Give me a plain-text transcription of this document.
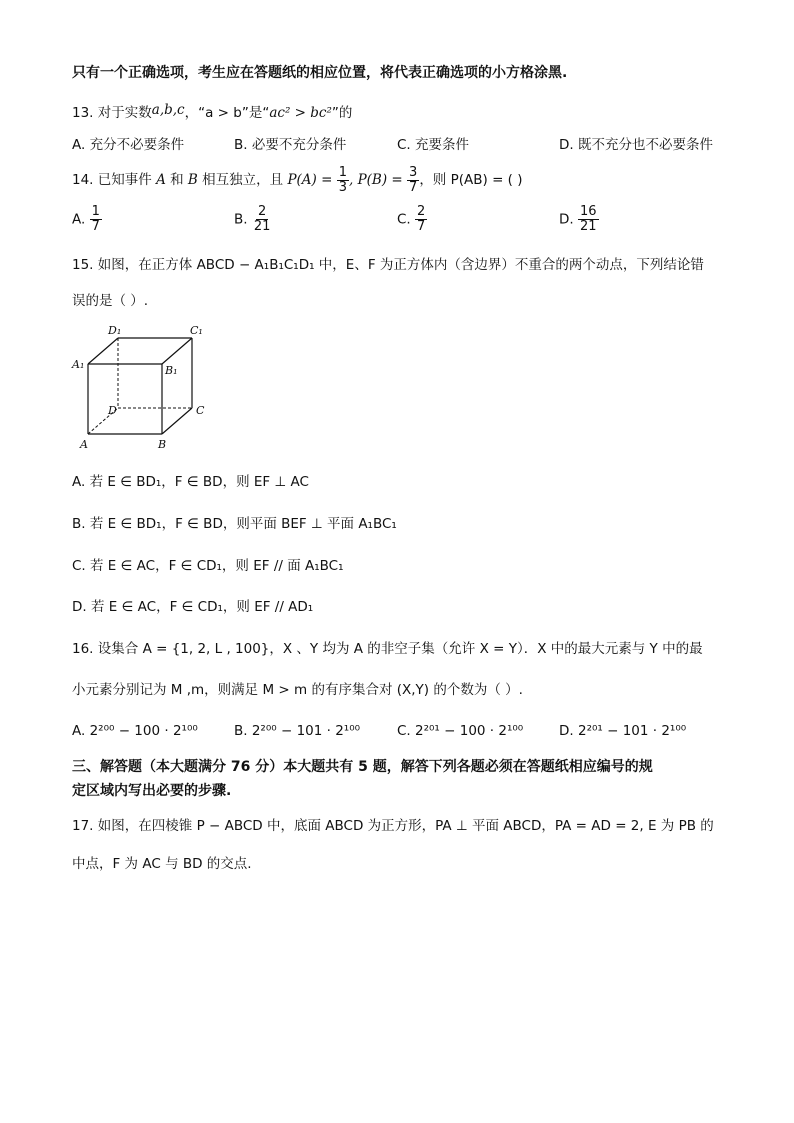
只有一个正确选项，考生应在答题纸的相应位置，将代表正确选项的小方格涂黑.
13. 对于实数a,b,c，“a > b”是“ac² > bc²”的
A. 充分不必要条件	B. 必要不充分条件	C. 充要条件	D. 既不充分也不必要条件
14. 已知事件 A 和 B 相互独立，且 $P(A) = \frac{1}{3}$ , $P(B) = \frac{3}{7}$ ，则 P(AB) = ( )
A. $\frac{1}{7}$	B. $\frac{2}{21}$	C. $\frac{2}{7}$	D. $\frac{16}{21}$
15. 如图，在正方体 ABCD − A₁B₁C₁D₁ 中，E、F 为正方体内（含边界）不重合的两个动点，下列结论错
误的是（ ）.
D₁	C₁
A₁	B₁
D	C
A	B
A. 若 E ∈ BD₁，F ∈ BD，则 EF ⊥ AC
B. 若 E ∈ BD₁，F ∈ BD，则平面 BEF ⊥ 平面 A₁BC₁
C. 若 E ∈ AC，F ∈ CD₁，则 EF // 面 A₁BC₁
D. 若 E ∈ AC，F ∈ CD₁，则 EF // AD₁
16. 设集合 A = {1, 2, L , 100}，X 、Y 均为 A 的非空子集（允许 X = Y）．X 中的最大元素与 Y 中的最
小元素分别记为 M ,m，则满足 M > m 的有序集合对 (X,Y) 的个数为（ ）.
A. 2²⁰⁰ − 100 · 2¹⁰⁰	B. 2²⁰⁰ − 101 · 2¹⁰⁰	C. 2²⁰¹ − 100 · 2¹⁰⁰	D. 2²⁰¹ − 101 · 2¹⁰⁰
三、解答题（本大题满分 76 分）本大题共有 5 题，解答下列各题必须在答题纸相应编号的规
定区域内写出必要的步骤.
17. 如图，在四棱锥 P − ABCD 中，底面 ABCD 为正方形，PA ⊥ 平面 ABCD，PA = AD = 2, E 为 PB 的
中点，F 为 AC 与 BD 的交点.
